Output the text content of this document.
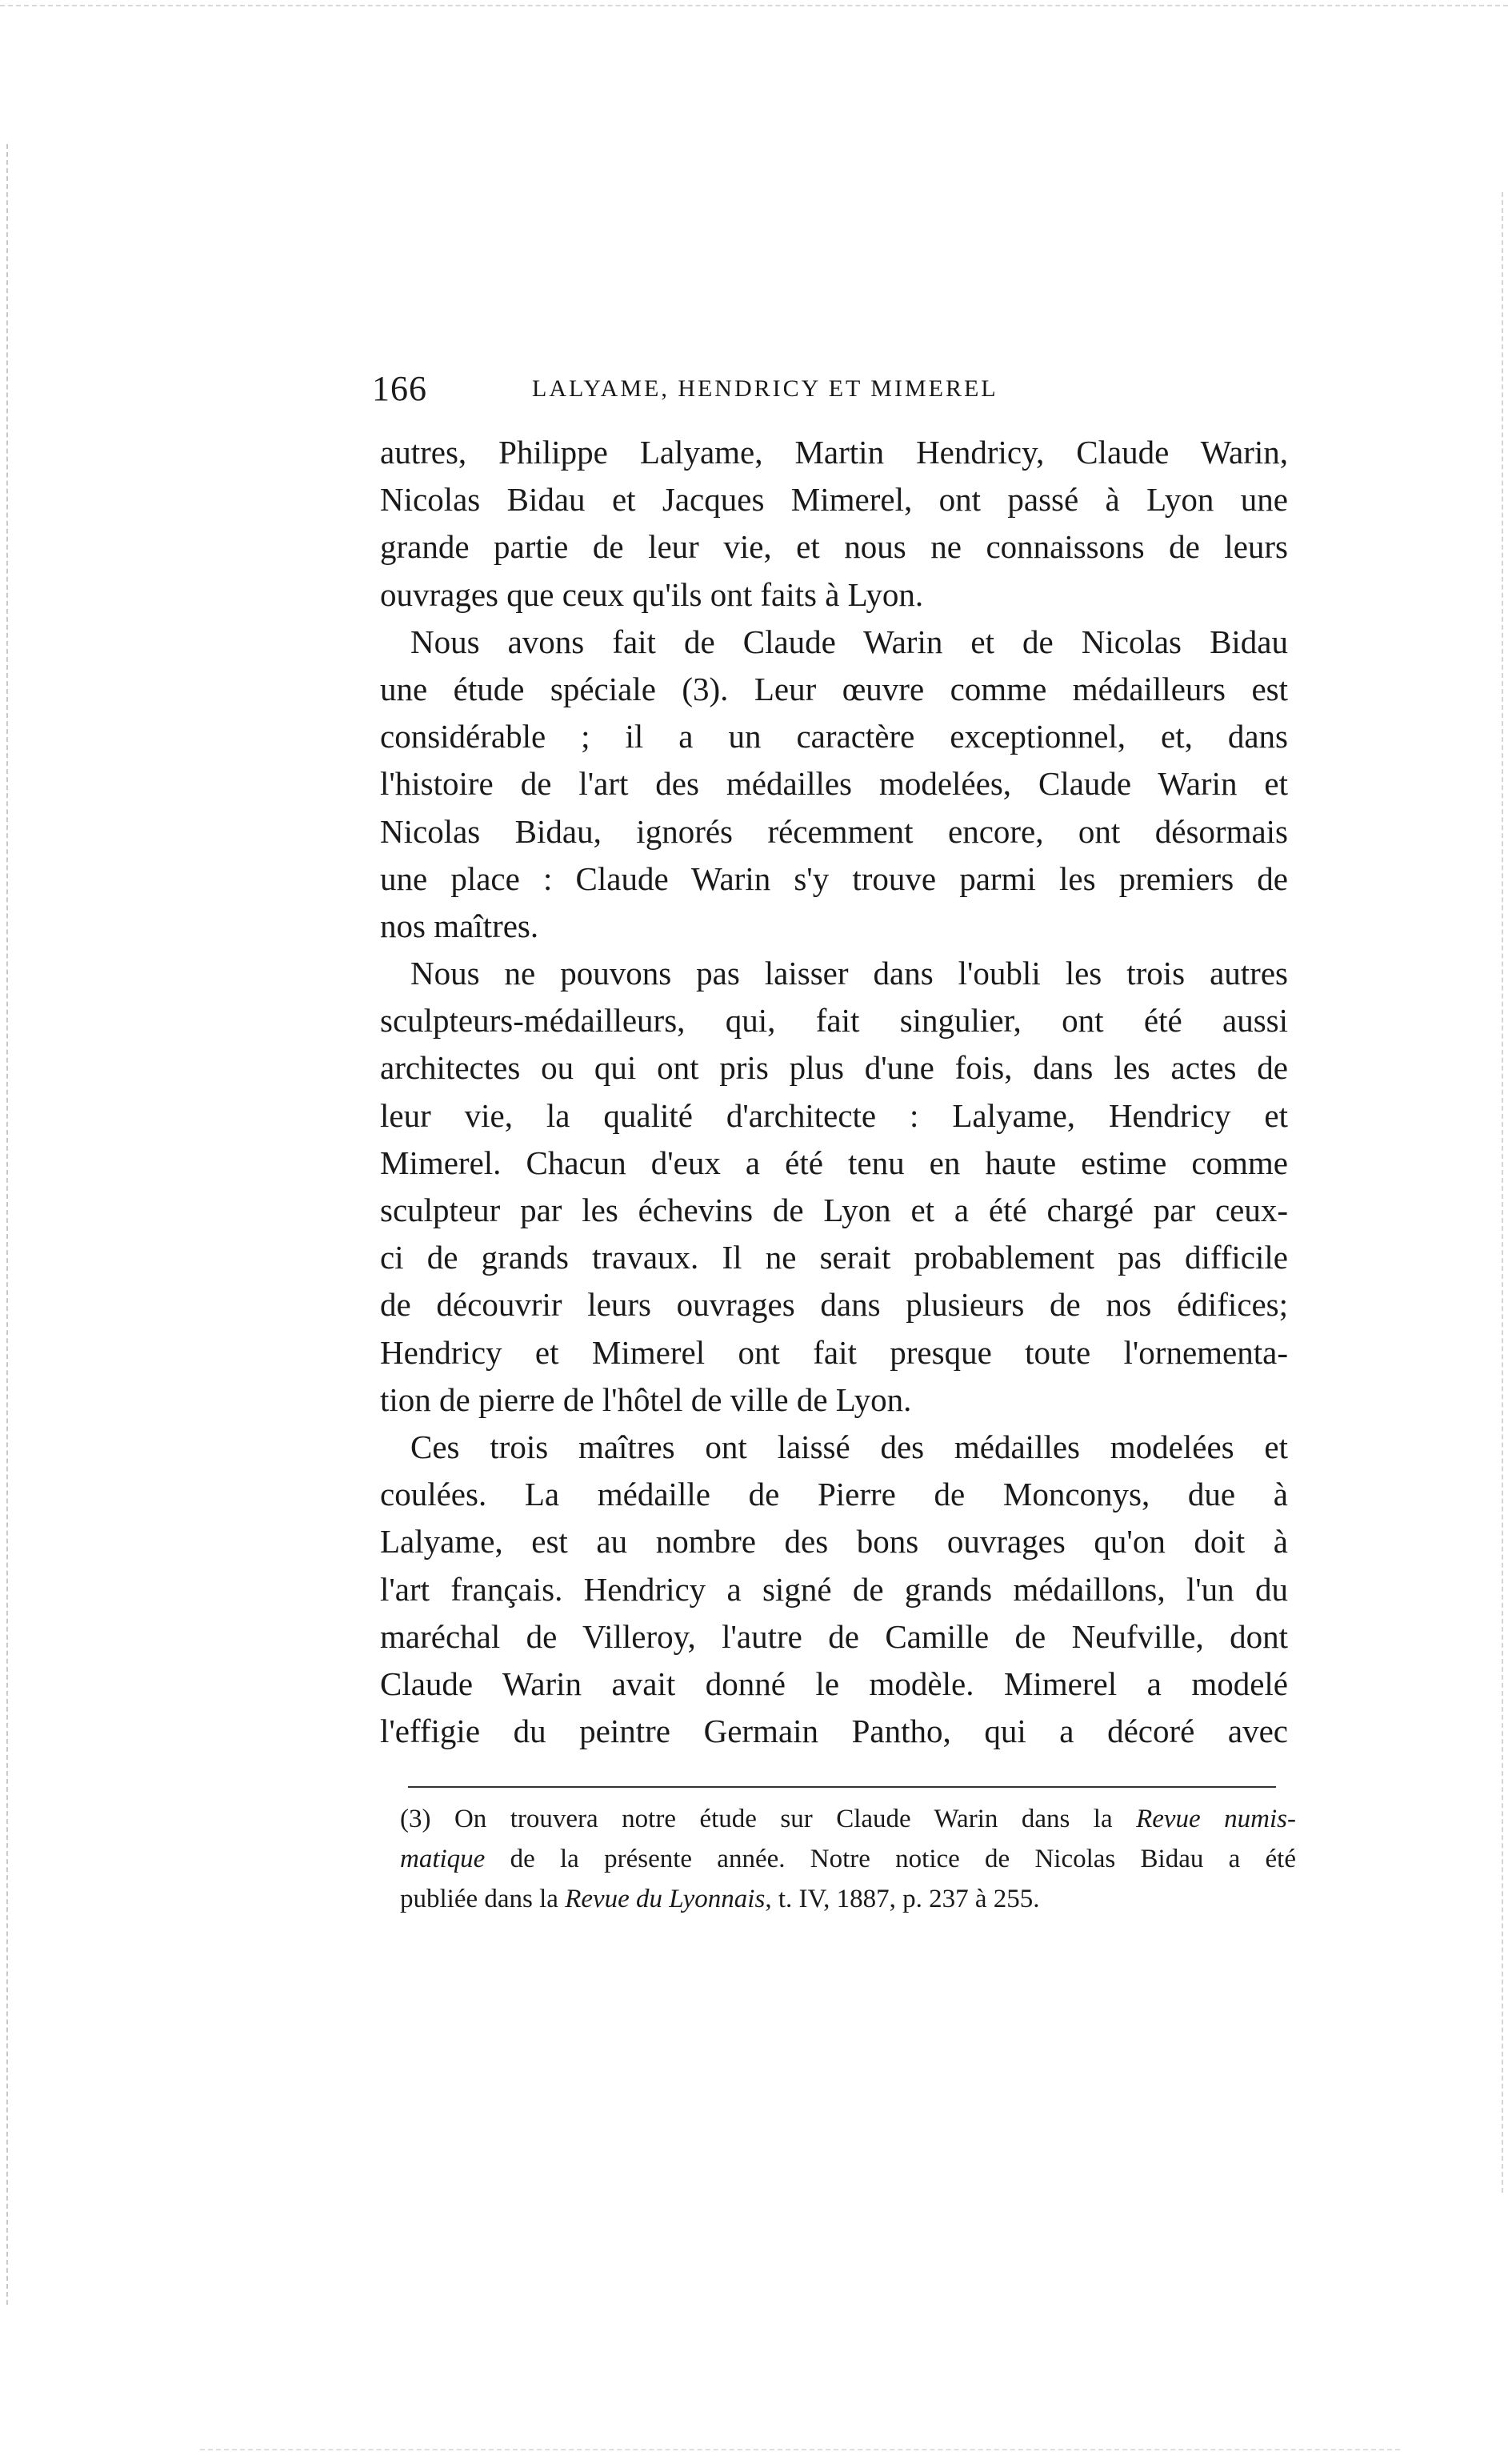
166	LALYAME, HENDRICY ET MIMEREL
autres, Philippe Lalyame, Martin Hendricy, Claude Warin,
Nicolas Bidau et Jacques Mimerel, ont passé à Lyon une
grande partie de leur vie, et nous ne connaissons de leurs
ouvrages que ceux qu'ils ont faits à Lyon.
Nous avons fait de Claude Warin et de Nicolas Bidau
une étude spéciale (3). Leur œuvre comme médailleurs est
considérable ; il a un caractère exceptionnel, et, dans
l'histoire de l'art des médailles modelées, Claude Warin et
Nicolas Bidau, ignorés récemment encore, ont désormais
une place : Claude Warin s'y trouve parmi les premiers de
nos maîtres.
Nous ne pouvons pas laisser dans l'oubli les trois autres
sculpteurs-médailleurs, qui, fait singulier, ont été aussi
architectes ou qui ont pris plus d'une fois, dans les actes de
leur vie, la qualité d'architecte : Lalyame, Hendricy et
Mimerel. Chacun d'eux a été tenu en haute estime comme
sculpteur par les échevins de Lyon et a été chargé par ceux-
ci de grands travaux. Il ne serait probablement pas difficile
de découvrir leurs ouvrages dans plusieurs de nos édifices;
Hendricy et Mimerel ont fait presque toute l'ornementa-
tion de pierre de l'hôtel de ville de Lyon.
Ces trois maîtres ont laissé des médailles modelées et
coulées. La médaille de Pierre de Monconys, due à
Lalyame, est au nombre des bons ouvrages qu'on doit à
l'art français. Hendricy a signé de grands médaillons, l'un du
maréchal de Villeroy, l'autre de Camille de Neufville, dont
Claude Warin avait donné le modèle. Mimerel a modelé
l'effigie du peintre Germain Pantho, qui a décoré avec
(3) On trouvera notre étude sur Claude Warin dans la Revue numis-
matique de la présente année. Notre notice de Nicolas Bidau a été
publiée dans la Revue du Lyonnais, t. IV, 1887, p. 237 à 255.
